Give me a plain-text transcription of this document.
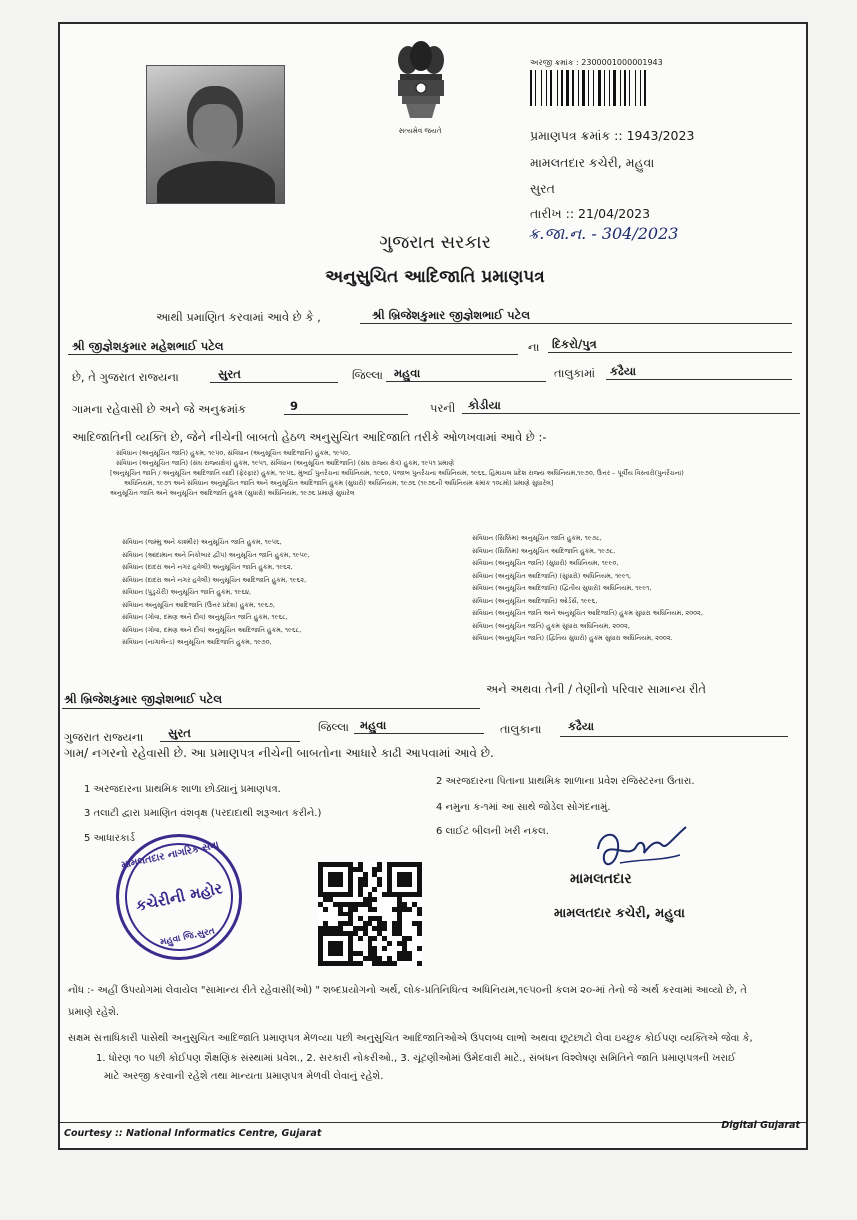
સત્યમેવ જયતે
અરજી ક્રમાંક : 2300001000001943
પ્રમાણપત્ર ક્રમાંક :: 1943/2023
મામલતદાર કચેરી, મહુવા
સુરત
તારીખ :: 21/04/2023
ક્ર.જા.ન. - 304/2023
ગુજરાત સરકાર
અનુસુચિત આદિજાતિ પ્રમાણપત્ર
આથી પ્રમાણિત કરવામાં આવે છે કે ,	શ્રી બ્રિજેશકુમાર જીજ્ઞેશભાઈ પટેલ
શ્રી જીજ્ઞેશકુમાર મહેશભાઈ પટેલ	ના દિકરો/પુત્ર
છે, તે ગુજરાત રાજ્યના	સુરત	જિલ્લા મહુવા	તાલુકામાં કઢૈયા
ગામના રહેવાસી છે અને જે અનુક્રમાંક	9	પરની કોડીયા
આદિજાતિની વ્યક્તિ છે, જેને નીચેની બાબતો હેઠળ અનુસુચિત આદિજાતિ તરીકે ઓળખવામાં આવે છે :-
સંવિધાન (અનુસૂચિત જાતિ) હુકમ, ૧૯૫૦, સંવિધાન (અનુસૂચિત આદિજાતિ) હુકમ, ૧૯૫૦,
સંવિધાન (અનુસૂચિત જાતિ) (સંઘ રાજ્યક્ષેત્ર) હુકમ, ૧૯૫૧, સંવિધાન (અનુસૂચિત આદિજાતિ) (સંઘ રાજ્ય ક્ષેત્ર) હુકમ, ૧૯૫૧ પ્રમાણે
[અનુસૂચિત જાતિ / અનુસૂચિત આદિજાતિ યાદી (ફેરફાર) હુકમ, ૧૯૫૬, મુંબઈ પુનર્રચના અધિનિયમ, ૧૯૬૦, પંજાબ પુનર્રચના અધિનિયમ, ૧૯૬૬, હિમાચલ પ્રદેશ રાજ્ય અધિનિયમ,૧૯૭૦, ઉત્તર – પૂર્વીય વિસ્તારો(પુનર્રચના)
અધિનિયમ, ૧૯૭૧ અને સંવિધાન અનુસૂચિત જાતિ અને અનુસૂચિત આદિજાતિ હુકમ (સુધારો) અધિનિયમ, ૧૯૭૬ (૧૯૭૬ની અધિનિયમ ક્રમાંક ૧૦૮મો) પ્રમાણે સુધારેલ]
અનુસૂચિત જાતિ અને અનુસૂચિત આદિજાતિ હુકમ (સુધારો) અધિનિયમ, ૧૯૭૬ પ્રમાણે સુધારેલ
સંવિધાન (જમ્મુ અને કાશ્મીર) અનુસૂચિત જાતિ હુકમ, ૧૯૫૬,
સંવિધાન (આંદામાન અને નિકોબાર દ્વીપ) અનુસૂચિત જાતિ હુકમ, ૧૯૫૯,
સંવિધાન (દાદરા અને નગર હવેલી) અનુસૂચિત જાતિ હુકમ, ૧૯૬૨,
સંવિધાન (દાદરા અને નગર હવેલી) અનુસૂચિત આદિજાતિ હુકમ, ૧૯૬૨,
સંવિધાન (પુડુચેરી) અનુસૂચિત જાતિ હુકમ, ૧૯૬૪,
સંવિધાન અનુસૂચિત આદિજાતિ (ઉત્તર પ્રદેશ) હુકમ, ૧૯૬૭,
સંવિધાન (ગોવા, દમણ અને દીવ) અનુસૂચિત જાતિ હુકમ, ૧૯૬૮,
સંવિધાન (ગોવા, દમણ અને દીવ) અનુસૂચિત આદિજાતિ હુકમ, ૧૯૬૮,
સંવિધાન (નાગાલેન્ડ) અનુસૂચિત આદિજાતિ હુકમ, ૧૯૭૦,
સંવિધાન (સિક્કિમ) અનુસૂચિત જાતિ હુકમ, ૧૯૭૮,
સંવિધાન (સિક્કિમ) અનુસૂચિત આદિજાતિ હુકમ, ૧૯૭૮,
સંવિધાન (અનુસૂચિત જાતિ) (સુધારો) અધિનિયમ, ૧૯૯૦,
સંવિધાન (અનુસૂચિત આદિજાતિ) (સુધારો) અધિનિયમ, ૧૯૯૧,
સંવિધાન (અનુસૂચિત આદિજાતિ) (દ્વિતીય સુધારો) અધિનિયમ, ૧૯૯૧,
સંવિધાન (અનુસૂચિત આદિજાતિ) ઓર્ડર્સ, ૧૯૯૬,
સંવિધાન (અનુસૂચિત જાતિ અને અનુસૂચિત આદિજાતિ) હુકમ સુધારા અધિનિયમ, ૨૦૦૨,
સંવિધાન (અનુસૂચિત જાતિ) હુકમ સુધારા અધિનિયમ, ૨૦૦૨,
સંવિધાન (અનુસૂચિત જાતિ) (દ્વિતિય સુધારો) હુકમ સુધારા અધિનિયમ, ૨૦૦૨.
શ્રી બ્રિજેશકુમાર જીજ્ઞેશભાઈ પટેલ
અને અથવા તેની / તેણીનો પરિવાર સામાન્ય રીતે
ગુજરાત રાજ્યના સુરત	જિલ્લા મહુવા	તાલુકાના કઢૈયા
ગામ/ નગરનો રહેવાસી છે. આ પ્રમાણપત્ર નીચેની બાબતોના આધારે કાઢી આપવામાં આવે છે.
1 અરજદારના પ્રાથમિક શાળા છોડ્યાનું પ્રમાણપત્ર.
2 અરજદારના પિતાના પ્રાથમિક શાળાના પ્રવેશ રજિસ્ટરના ઉતારા.
3 તલાટી દ્વારા પ્રમાણિત વંશવૃક્ષ (પરદાદાથી શરૂઆત કરીને.)
4 નમુના ક-૧માં આ સાથે જોડેલ સોગંદનામું.
5 આધારકાર્ડ
6 લાઈટ બીલની ખરી નકલ.
મામલતદાર નાગરિક સેવા
કચેરીની મહોર
મહુવા જિ.સુરત
મામલતદાર
મામલતદાર કચેરી, મહુવા
નોંધ :- અહીં ઉપયોગમાં લેવાયેલ "સામાન્ય રીતે રહેવાસી(ઓ) " શબ્દપ્રયોગનો અર્થ, લોક-પ્રતિનિધિત્વ અધિનિયમ,૧૯૫૦ની કલમ ૨૦-માં તેનો જે અર્થ કરવામાં આવ્યો છે, તે
પ્રમાણે રહેશે.
સક્ષમ સત્તાધિકારી પાસેથી અનુસુચિત આદિજાતિ પ્રમાણપત્ર મેળવ્યા પછી અનુસુચિત આદિજાતિઓએ ઉપલબ્ધ લાભો અથવા છૂટછાટો લેવા ઇચ્છુક કોઈપણ વ્યક્તિએ જેવા કે,
1. ધોરણ ૧૦ પછી કોઈપણ શૈક્ષણિક સંસ્થામાં પ્રવેશ., 2. સરકારી નોકરીઓ., 3. ચૂંટણીઓમાં ઉમેદવારી માટે., સંબંધન વિશ્લેષણ સમિતિને જાતિ પ્રમાણપત્રની ખરાઈ
માટે અરજી કરવાની રહેશે તથા માન્યતા પ્રમાણપત્ર મેળવી લેવાનું રહેશે.
Courtesy :: National Informatics Centre, Gujarat
Digital Gujarat
